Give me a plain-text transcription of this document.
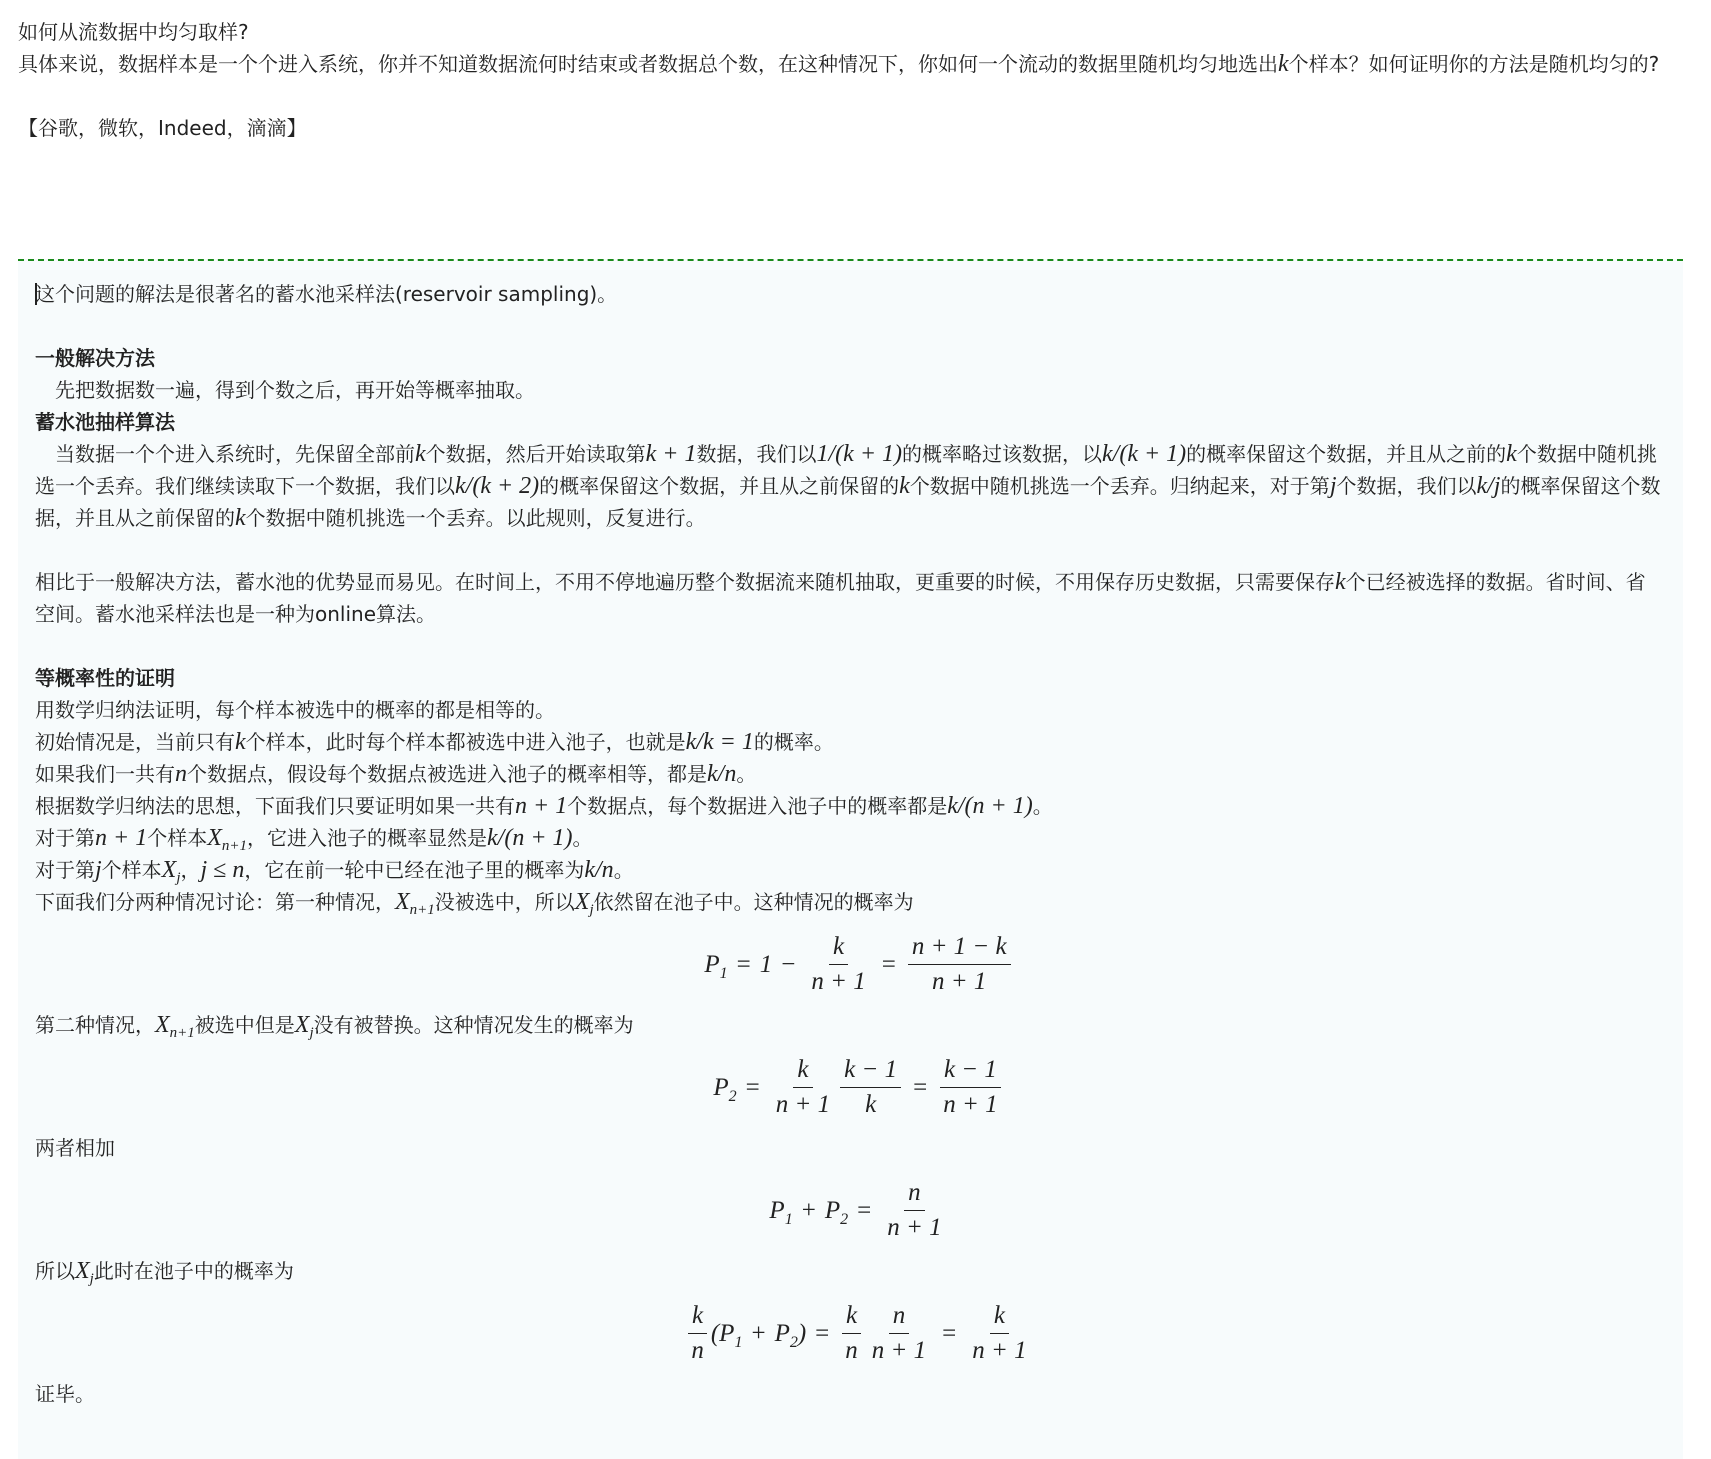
如何从流数据中均匀取样?
具体来说，数据样本是一个个进入系统，你并不知道数据流何时结束或者数据总个数，在这种情况下，你如何一个流动的数据里随机均匀地选出k个样本？如何证明你的方法是随机均匀的?
【谷歌，微软，Indeed，滴滴】
这个问题的解法是很著名的蓄水池采样法(reservoir sampling)。
一般解决方法
　先把数据数一遍，得到个数之后，再开始等概率抽取。
蓄水池抽样算法
　当数据一个个进入系统时，先保留全部前k个数据，然后开始读取第k + 1数据，我们以1/(k + 1)的概率略过该数据，以k/(k + 1)的概率保留这个数据，并且从之前的k个数据中随机挑选一个丢弃。我们继续读取下一个数据，我们以k/(k + 2)的概率保留这个数据，并且从之前保留的k个数据中随机挑选一个丢弃。归纳起来，对于第j个数据，我们以k/j的概率保留这个数据，并且从之前保留的k个数据中随机挑选一个丢弃。以此规则，反复进行。
相比于一般解决方法，蓄水池的优势显而易见。在时间上，不用不停地遍历整个数据流来随机抽取，更重要的时候，不用保存历史数据，只需要保存k个已经被选择的数据。省时间、省空间。蓄水池采样法也是一种为online算法。
等概率性的证明
用数学归纳法证明，每个样本被选中的概率的都是相等的。
初始情况是，当前只有k个样本，此时每个样本都被选中进入池子，也就是k/k = 1的概率。
如果我们一共有n个数据点，假设每个数据点被选进入池子的概率相等，都是k/n。
根据数学归纳法的思想，下面我们只要证明如果一共有n + 1个数据点，每个数据进入池子中的概率都是k/(n + 1)。
对于第n + 1个样本$X_{n+1}$，它进入池子的概率显然是k/(n + 1)。
对于第j个样本$X_j$，j ≤ n，它在前一轮中已经在池子里的概率为k/n。
下面我们分两种情况讨论：第一种情况，$X_{n+1}$没被选中，所以$X_j$依然留在池子中。这种情况的概率为
$P_1 = 1 - \frac{k}{n + 1} = \frac{n + 1 - k}{n + 1}$
第二种情况，$X_{n+1}$被选中但是$X_j$没有被替换。这种情况发生的概率为
$P_2 = \frac{k}{n + 1} \frac{k - 1}{k} = \frac{k - 1}{n + 1}$
两者相加
$P_1 + P_2 = \frac{n}{n + 1}$
所以$X_j$此时在池子中的概率为
$\frac{k}{n} (P_1 + P_2$ ) = $\frac{k}{n} \frac{n}{n + 1} = \frac{k}{n + 1}$
证毕。
